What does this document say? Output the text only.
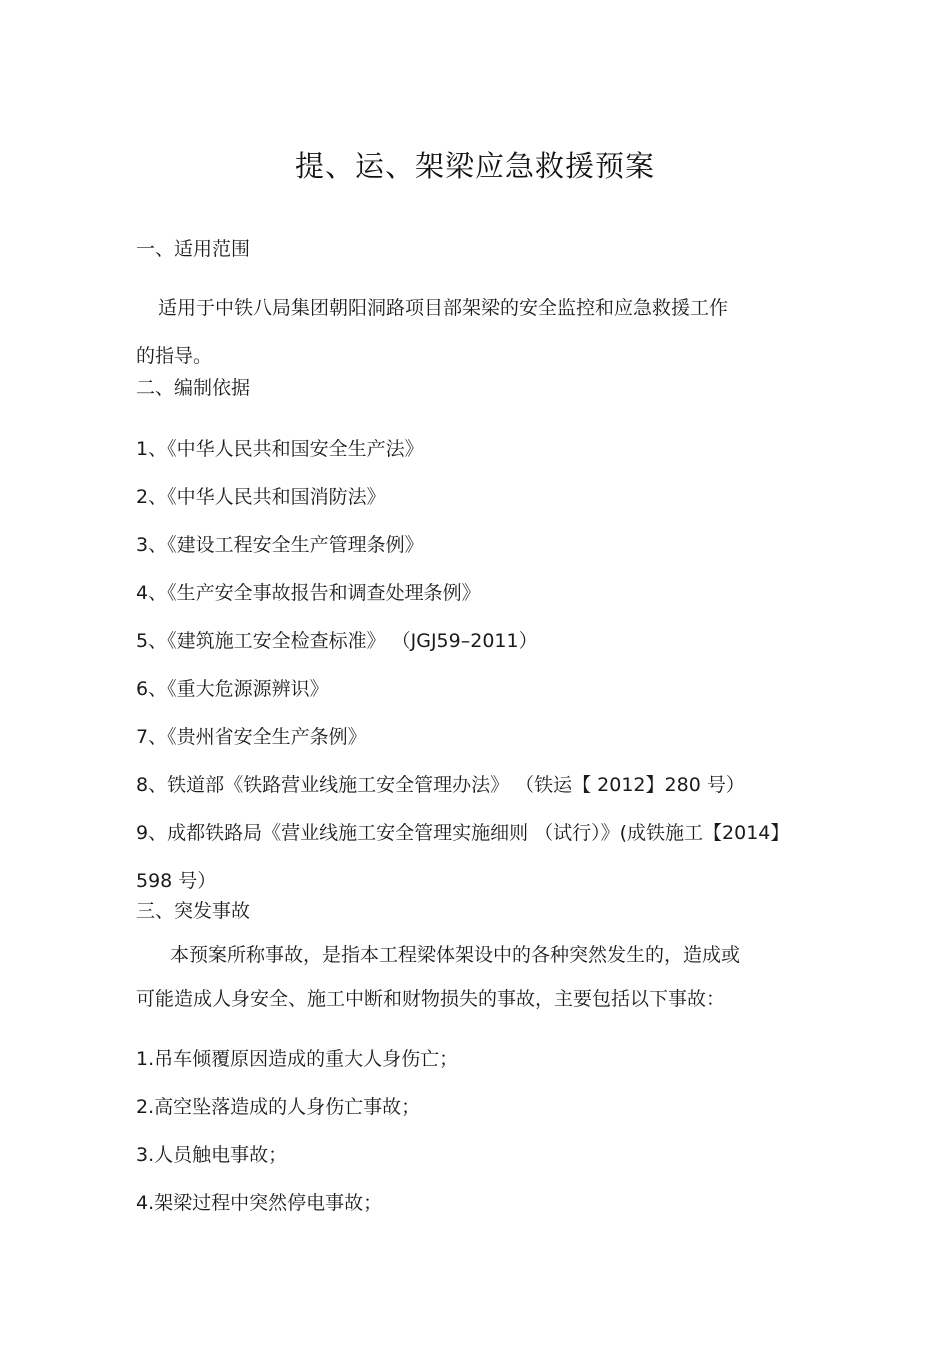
提、运、架梁应急救援预案
一、适用范围
适用于中铁八局集团朝阳洞路项目部架梁的安全监控和应急救援工作
的指导。
二、编制依据
1、《中华人民共和国安全生产法》
2、《中华人民共和国消防法》
3、《建设工程安全生产管理条例》
4、《生产安全事故报告和调查处理条例》
5、《建筑施工安全检查标准》 （JGJ59–2011）
6、《重大危源源辨识》
7、《贵州省安全生产条例》
8、铁道部《铁路营业线施工安全管理办法》 （铁运【 2012】280 号）
9、成都铁路局《营业线施工安全管理实施细则 （试行）》(成铁施工【2014】
598 号）
三、突发事故
本预案所称事故，是指本工程梁体架设中的各种突然发生的，造成或
可能造成人身安全、施工中断和财物损失的事故，主要包括以下事故：
1.吊车倾覆原因造成的重大人身伤亡；
2.高空坠落造成的人身伤亡事故；
3.人员触电事故；
4.架梁过程中突然停电事故；
